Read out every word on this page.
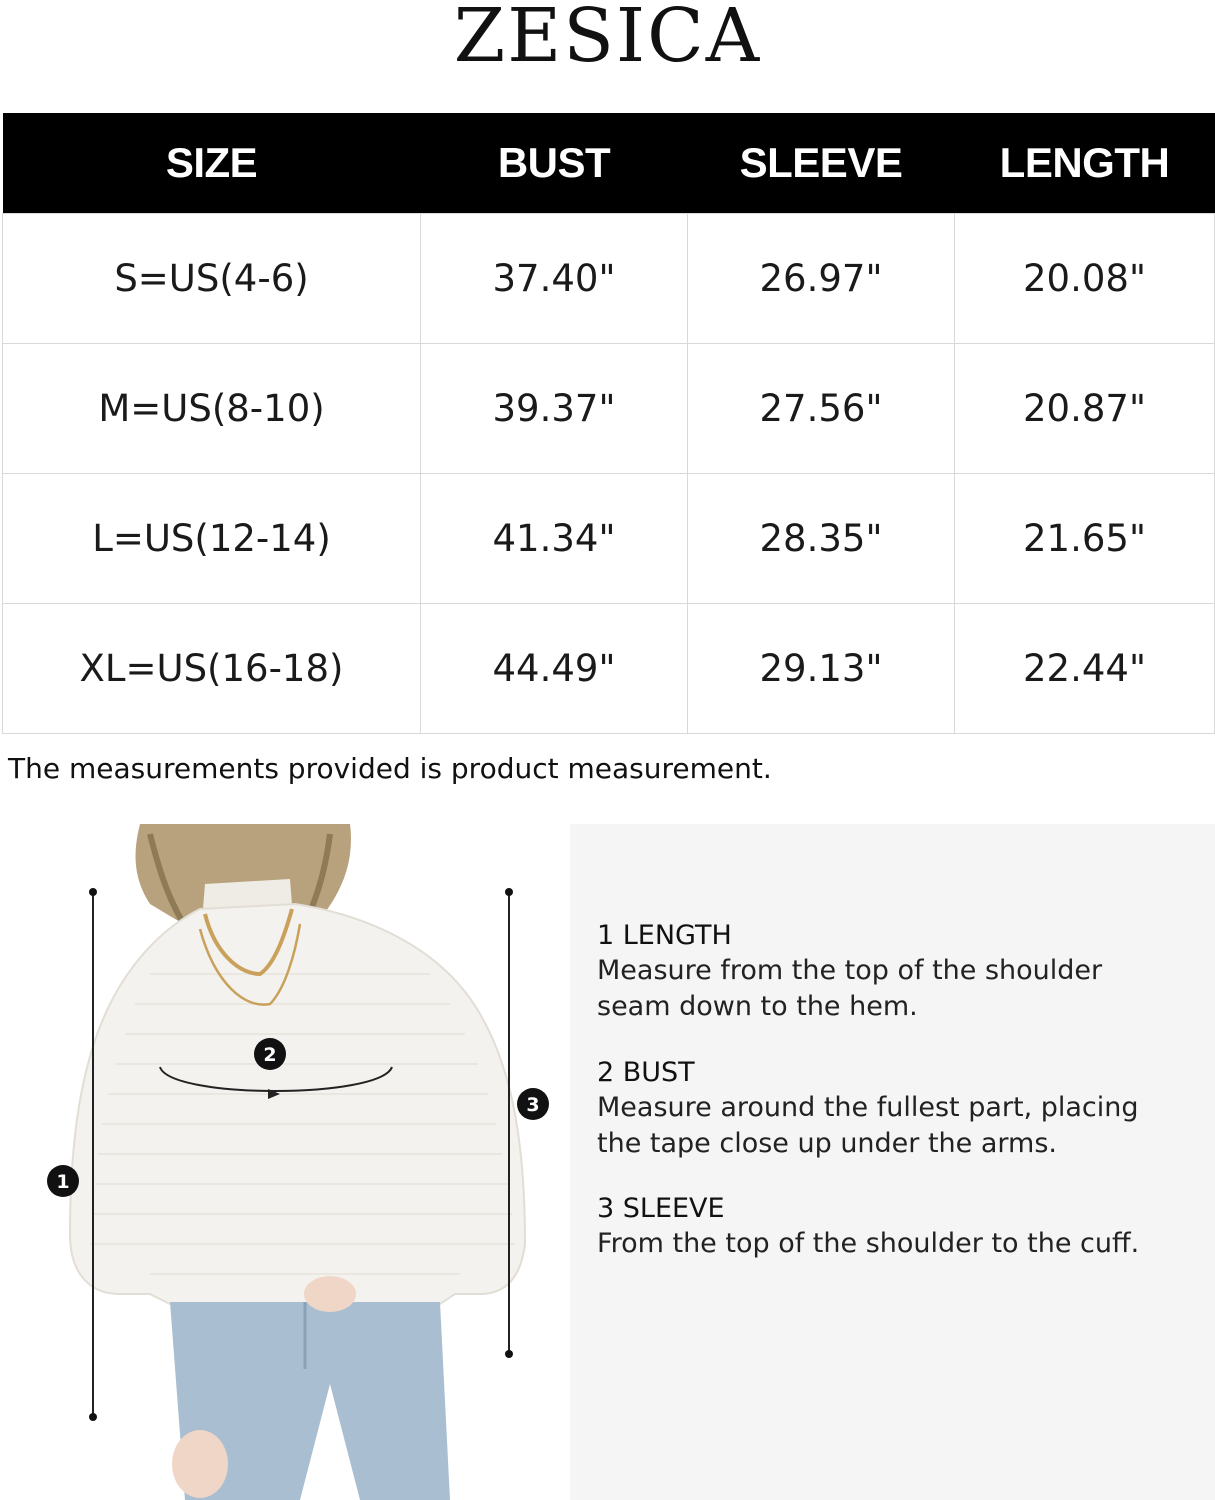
ZESICA
SIZE	BUST	SLEEVE	LENGTH
S=US(4-6)	37.40"	26.97"	20.08"
M=US(8-10)	39.37"	27.56"	20.87"
L=US(12-14)	41.34"	28.35"	21.65"
XL=US(16-18)	44.49"	29.13"	22.44"
The measurements provided is product measurement.
1
2
3
1 LENGTH
Measure from the top of the shoulder
seam down to the hem.
2 BUST
Measure around the fullest part, placing
the tape close up under the arms.
3 SLEEVE
From the top of the shoulder to the cuff.
